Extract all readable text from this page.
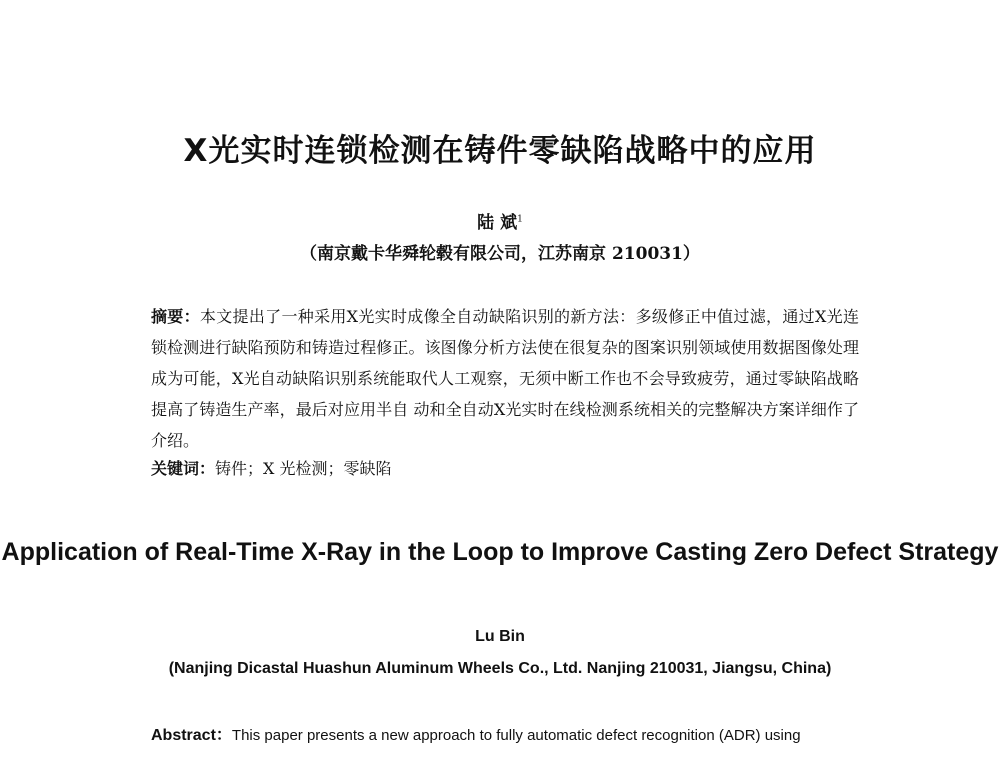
X光实时连锁检测在铸件零缺陷战略中的应用
陆 斌$^1$
（南京戴卡华舜轮毂有限公司，江苏南京 210031）
摘要：本文提出了一种采用X光实时成像全自动缺陷识别的新方法：多级修正中值过滤，通过X光连锁检测进行缺陷预防和铸造过程修正。该图像分析方法使在很复杂的图案识别领域使用数据图像处理成为可能，X光自动缺陷识别系统能取代人工观察，无须中断工作也不会导致疲劳，通过零缺陷战略提高了铸造生产率，最后对应用半自 动和全自动X光实时在线检测系统相关的完整解决方案详细作了介绍。
关键词：铸件；X 光检测；零缺陷
Application of Real-Time X-Ray in the Loop to Improve Casting Zero Defect Strategy
Lu Bin
(Nanjing Dicastal Huashun Aluminum Wheels Co., Ltd. Nanjing 210031, Jiangsu, China)
Abstract：This paper presents a new approach to fully automatic defect recognition (ADR) using
